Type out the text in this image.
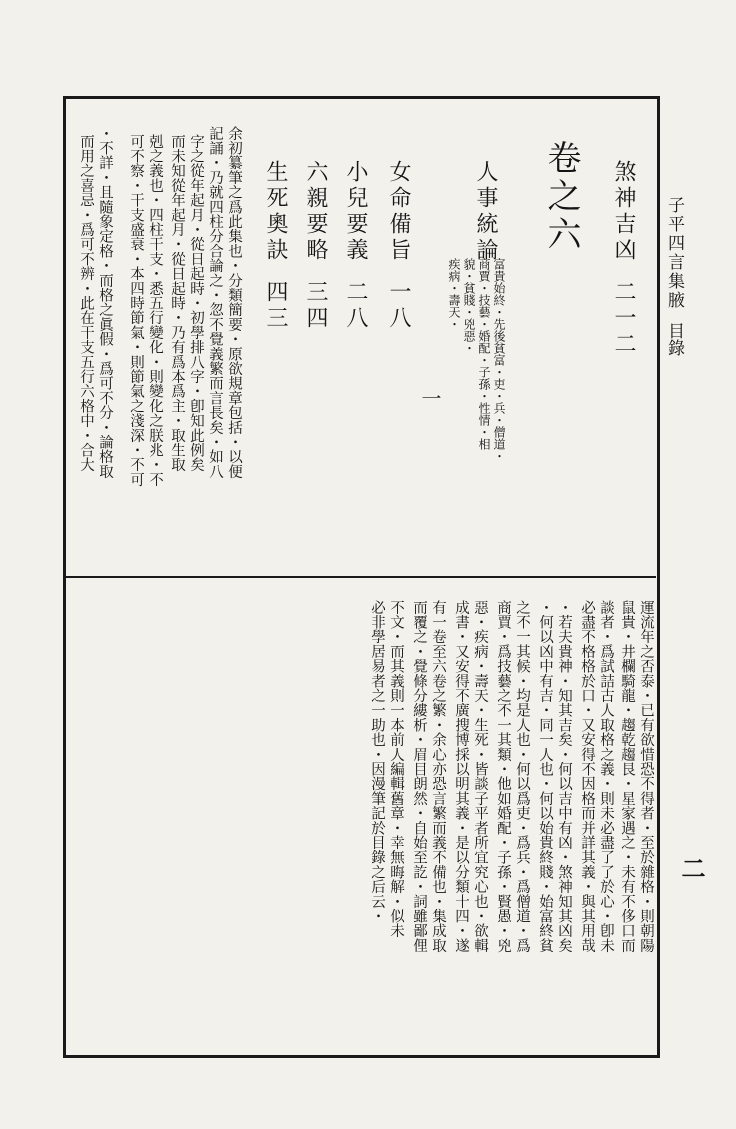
子平四言集腋
目錄
煞神吉凶二一二
卷之六
人事統論
富貴始終・先後貧富・吏・兵・僧道・
商賈・技藝・婚配・子孫・性情・相
貌・貧賤・兇惡・
疾病・壽天・
一
女命備旨一八
小兒要義二八
六親要略三四
生死奧訣四三
余初纂筆之爲此集也・分類簡要・原欲規章包括・以便
記誦・乃就四柱分合論之・忽不覺義繁而言長矣・如八
字之從年起月・從日起時・初學排八字・卽知此例矣
而未知從年起月・從日起時・乃有爲本爲主・取生取
剋之義也・四柱干支・悉五行變化・則變化之朕兆・不
可不察・干支盛衰・本四時節氣・則節氣之淺深・不可
・不詳・且隨象定格・而格之眞假・爲可不分・論格取
而用之喜忌・爲可不辨・此在干支五行六格中・合大
運流年之否泰・已有欲惜恐不得者・至於雜格・則朝陽
鼠貴・井欄騎龍・趨乾趨艮・星家遇之・未有不侈口而
談者・爲試詰古人取格之義・則未必盡了了於心・卽未
必盡不格格於口・又安得不因格而并詳其義・與其用哉
・若夫貴神・知其吉矣・何以吉中有凶・煞神知其凶矣
・何以凶中有吉・同一人也・何以始貴終賤・始富終貧
之不一其候・均是人也・何以爲吏・爲兵・爲僧道・爲
商賈・爲技藝之不一其類・他如婚配・子孫・賢愚・兇
惡・疾病・壽天・生死・皆談子平者所宜究心也・欲輯
成書・又安得不廣搜博採以明其義・是以分類十四・遂
有一卷至六卷之繁・余心亦恐言繁而義不備也・集成取
而覆之・覺條分縷析・眉目朗然・自始至訖・詞雖鄙俚
不文・而其義則一本前人編輯舊章・幸無晦解・似未
必非學居易者之一助也・因漫筆記於目錄之后云・	二
